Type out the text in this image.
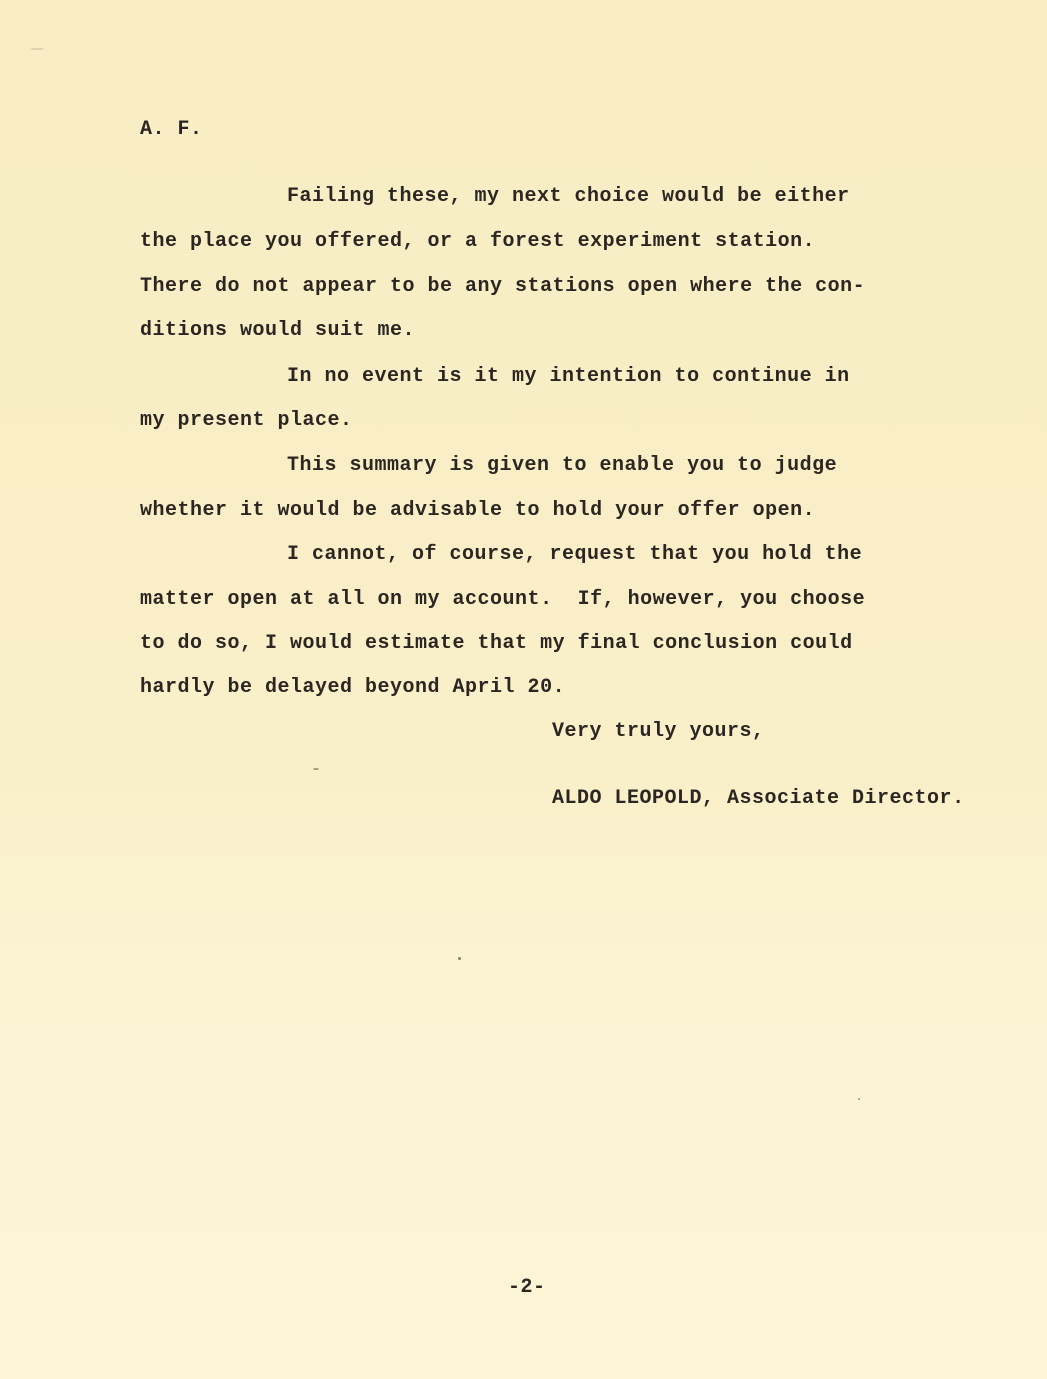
A. F.
Failing these, my next choice would be either
the place you offered, or a forest experiment station.
There do not appear to be any stations open where the con-
ditions would suit me.
In no event is it my intention to continue in
my present place.
This summary is given to enable you to judge
whether it would be advisable to hold your offer open.
I cannot, of course, request that you hold the
matter open at all on my account.  If, however, you choose
to do so, I would estimate that my final conclusion could
hardly be delayed beyond April 20.
Very truly yours,
ALDO LEOPOLD, Associate Director.
-2-
